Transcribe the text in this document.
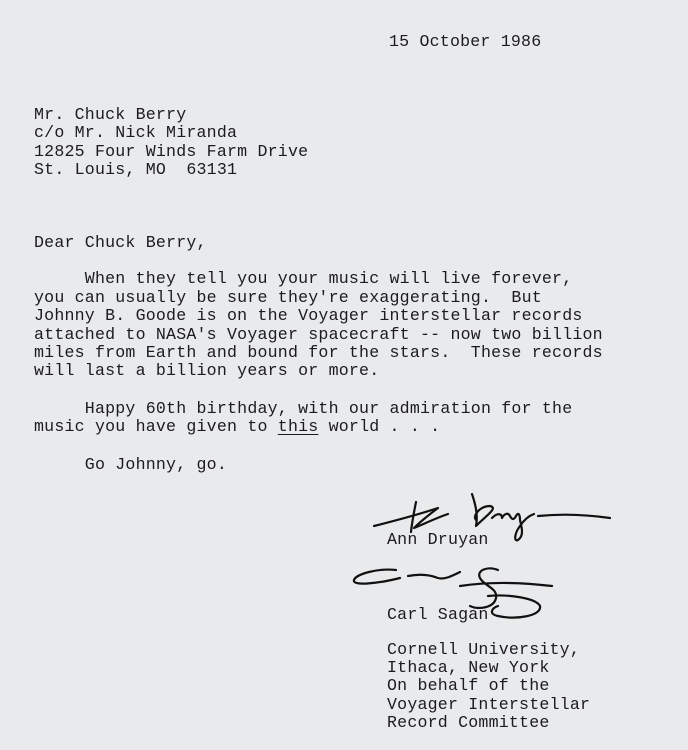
15 October 1986
Mr. Chuck Berry
c/o Mr. Nick Miranda
12825 Four Winds Farm Drive
St. Louis, MO  63131
Dear Chuck Berry,
When they tell you your music will live forever,
you can usually be sure they're exaggerating.  But
Johnny B. Goode is on the Voyager interstellar records
attached to NASA's Voyager spacecraft -- now two billion
miles from Earth and bound for the stars.  These records
will last a billion years or more.
Happy 60th birthday, with our admiration for the
music you have given to this world . . .
Go Johnny, go.
Ann Druyan
Carl Sagan
Cornell University,
Ithaca, New York
On behalf of the
Voyager Interstellar
Record Committee
